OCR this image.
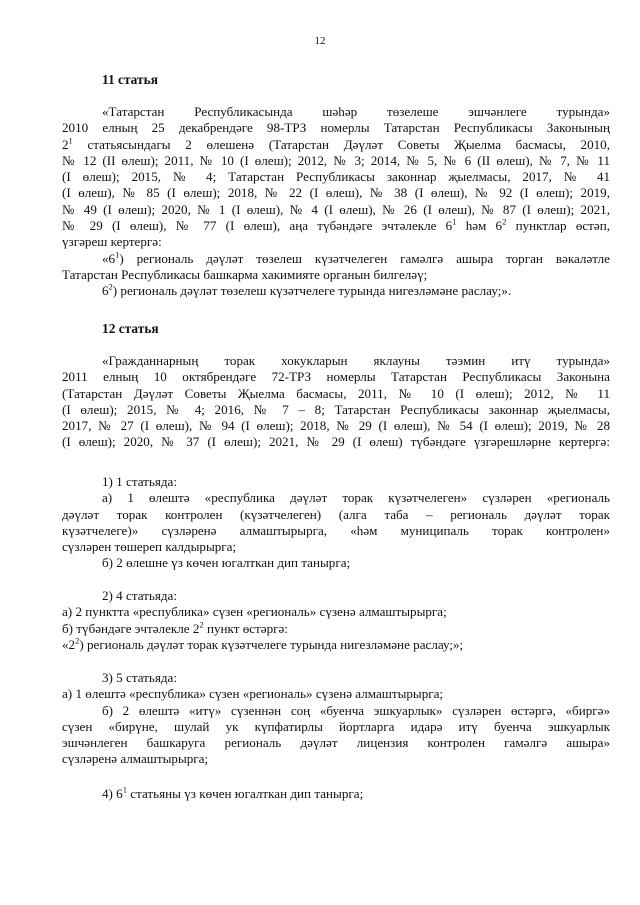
12
11 статья
«Татарстан Республикасында шәһәр төзелеше эшчәнлеге турында»
2010 елның 25 декабрендәге 98-ТРЗ номерлы Татарстан Республикасы Законының
$2^1$ статьясындагы 2 өлешенә (Татарстан Дәүләт Советы Җыелма басмасы, 2010,
№ 12 (II өлеш); 2011, № 10 (I өлеш); 2012, № 3; 2014, № 5, № 6 (II өлеш), № 7, № 11
(I өлеш); 2015, № 4; Татарстан Республикасы законнар җыелмасы, 2017, № 41
(I өлеш), № 85 (I өлеш); 2018, № 22 (I өлеш), № 38 (I өлеш), № 92 (I өлеш); 2019,
№ 49 (I өлеш); 2020, № 1 (I өлеш), № 4 (I өлеш), № 26 (I өлеш), № 87 (I өлеш); 2021,
№ 29 (I өлеш), № 77 (I өлеш), аңа түбәндәге эчтәлекле $6^1$ һәм $6^2$ пунктлар өстәп,
үзгәреш кертергә:
«$6^1$) региональ дәүләт төзелеш күзәтчелеген гамәлгә ашыра торган вәкаләтле
Татарстан Республикасы башкарма хакимияте органын билгеләү;
$6^2$) региональ дәүләт төзелеш күзәтчелеге турында нигезләмәне раслау;».
12 статья
«Гражданнарның торак хокукларын яклауны тәэмин итү турында»
2011 елның 10 октябрендәге 72-ТРЗ номерлы Татарстан Республикасы Законына
(Татарстан Дәүләт Советы Җыелма басмасы, 2011, № 10 (I өлеш); 2012, № 11
(I өлеш); 2015, № 4; 2016, № 7 – 8; Татарстан Республикасы законнар җыелмасы,
2017, № 27 (I өлеш), № 94 (I өлеш); 2018, № 29 (I өлеш), № 54 (I өлеш); 2019, № 28
(I өлеш); 2020, № 37 (I өлеш); 2021, № 29 (I өлеш) түбәндәге үзгәрешләрне кертергә:
1) 1 статьяда:
а) 1 өлештә «республика дәүләт торак күзәтчелеген» сүзләрен «региональ
дәүләт торак контролен (күзәтчелеген) (алга таба – региональ дәүләт торак
күзәтчелеге)» сүзләренә алмаштырырга, «һәм муниципаль торак контролен»
сүзләрен төшереп калдырырга;
б) 2 өлешне үз көчен югалткан дип танырга;
2) 4 статьяда:
а) 2 пунктта «республика» сүзен «региональ» сүзенә алмаштырырга;
б) түбәндәге эчтәлекле $2^2$ пункт өстәргә:
«$2^2$) региональ дәүләт торак күзәтчелеге турында нигезләмәне раслау;»;
3) 5 статьяда:
а) 1 өлештә «республика» сүзен «региональ» сүзенә алмаштырырга;
б) 2 өлештә «итү» сүзеннән соң «буенча эшкуарлык» сүзләрен өстәргә, «биргә»
сүзен «бирүне, шулай ук күпфатирлы йортларга идарә итү буенча эшкуарлык
эшчәнлеген башкаруга региональ дәүләт лицензия контролен гамәлгә ашыра»
сүзләренә алмаштырырга;
4) $6^1$ статьяны үз көчен югалткан дип танырга;
